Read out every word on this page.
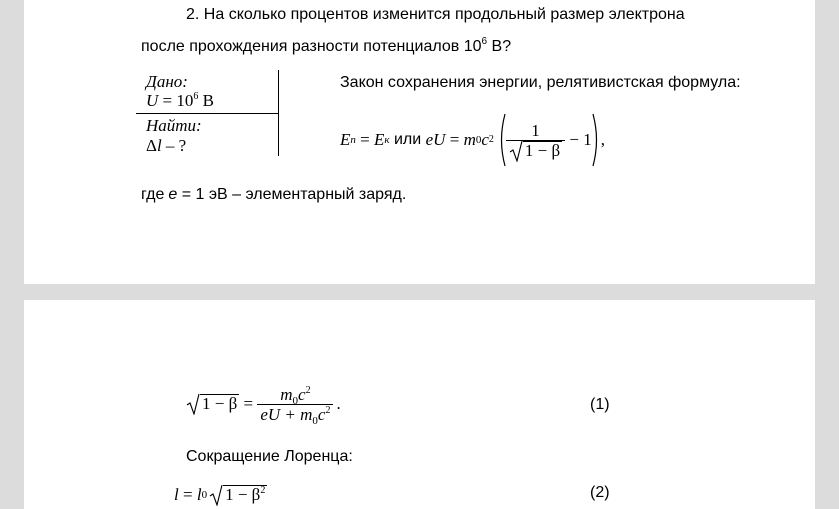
2. На сколько процентов изменится продольный размер электрона
после прохождения разности потенциалов $10^6$ В?
Дано:
$U = 10^6$ В
Найти:
Δl – ?
Закон сохранения энергии, релятивистская формула:
E п = E к или eU = m 0 c $2 \frac{1}{1 - \beta} - 1$ ,
где e = 1 эВ – элементарный заряд.
$1 - \beta = \frac{m_0c^2}{eU + m_0c^2}$ .	(1)
Сокращение Лоренца:
l = l 0	$1 - \beta^2$	(2)
